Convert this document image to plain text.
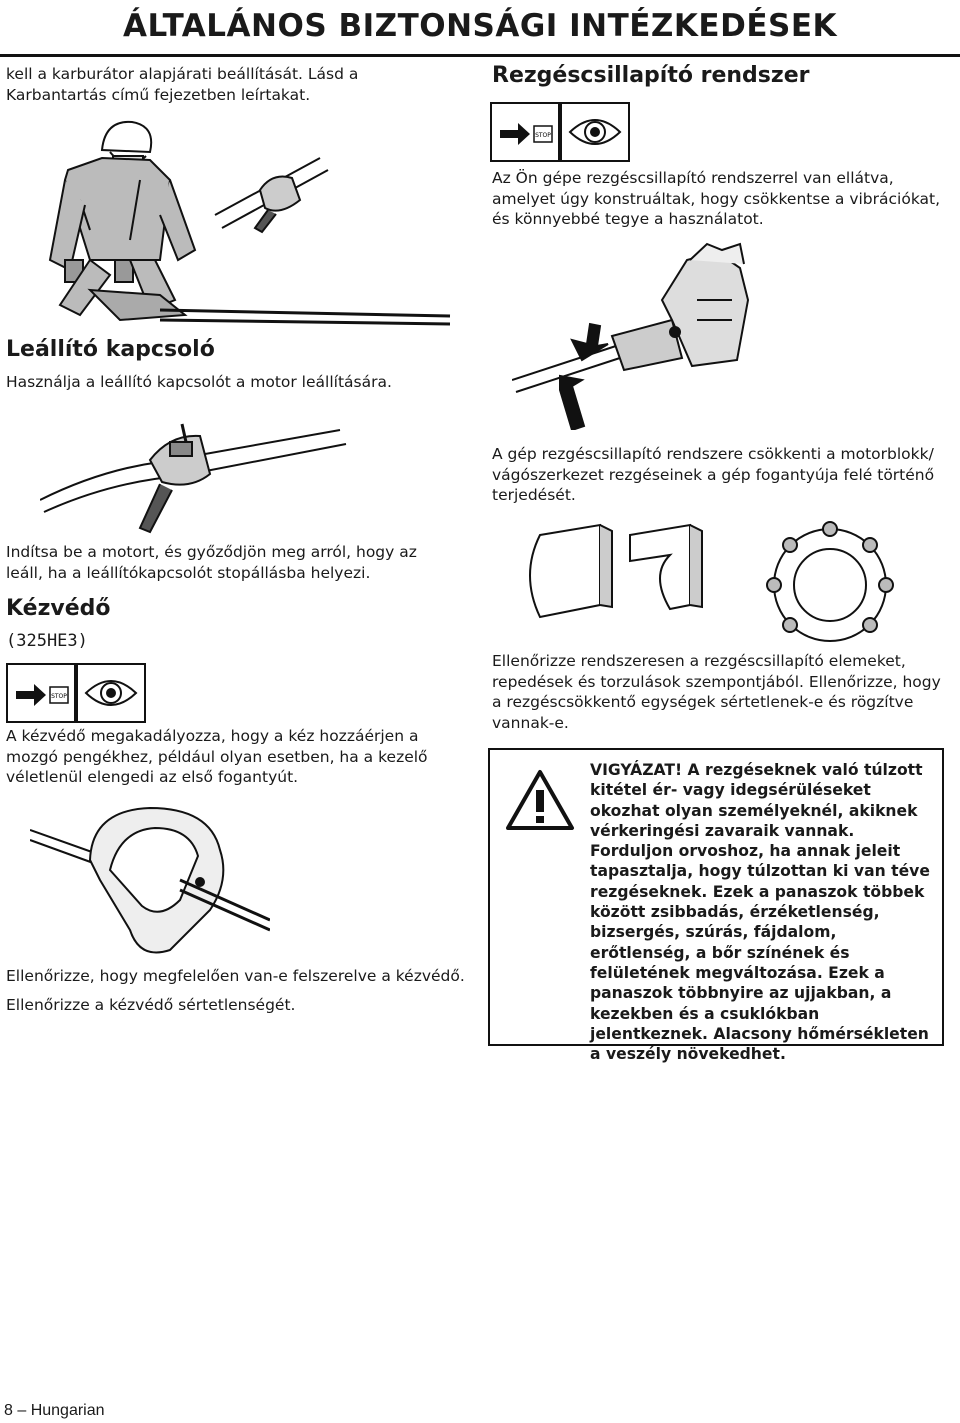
ÁLTALÁNOS BIZTONSÁGI INTÉZKEDÉSEK
kell a karburátor alapjárati beállítását. Lásd a Karbantartás című fejezetben leírtakat.
Leállító kapcsoló
Használja a leállító kapcsolót a motor leállítására.
Indítsa be a motort, és győződjön meg arról, hogy az leáll, ha a leállítókapcsolót stopállásba helyezi.
Kézvédő
(325HE3)
STOP
A kézvédő megakadályozza, hogy a kéz hozzáérjen a mozgó pengékhez, például olyan esetben, ha a kezelő véletlenül elengedi az első fogantyút.
Ellenőrizze, hogy megfelelően van-e felszerelve a kézvédő.
Ellenőrizze a kézvédő sértetlenségét.
Rezgéscsillapító rendszer
STOP
Az Ön gépe rezgéscsillapító rendszerrel van ellátva, amelyet úgy konstruáltak, hogy csökkentse a vibrációkat, és könnyebbé tegye a használatot.
A gép rezgéscsillapító rendszere csökkenti a motorblokk/ vágószerkezet rezgéseinek a gép fogantyúja felé történő terjedését.
Ellenőrizze rendszeresen a rezgéscsillapító elemeket, repedések és torzulások szempontjából. Ellenőrizze, hogy a rezgéscsökkentő egységek sértetlenek-e és rögzítve vannak-e.
VIGYÁZAT! A rezgéseknek való túlzott kitétel ér- vagy idegsérüléseket okozhat olyan személyeknél, akiknek vérkeringési zavaraik vannak. Forduljon orvoshoz, ha annak jeleit tapasztalja, hogy túlzottan ki van téve rezgéseknek. Ezek a panaszok többek között zsibbadás, érzéketlenség, bizsergés, szúrás, fájdalom, erőtlenség, a bőr színének és felületének megváltozása. Ezek a panaszok többnyire az ujjakban, a kezekben és a csuklókban jelentkeznek. Alacsony hőmérsékleten a veszély növekedhet.
8 – Hungarian
